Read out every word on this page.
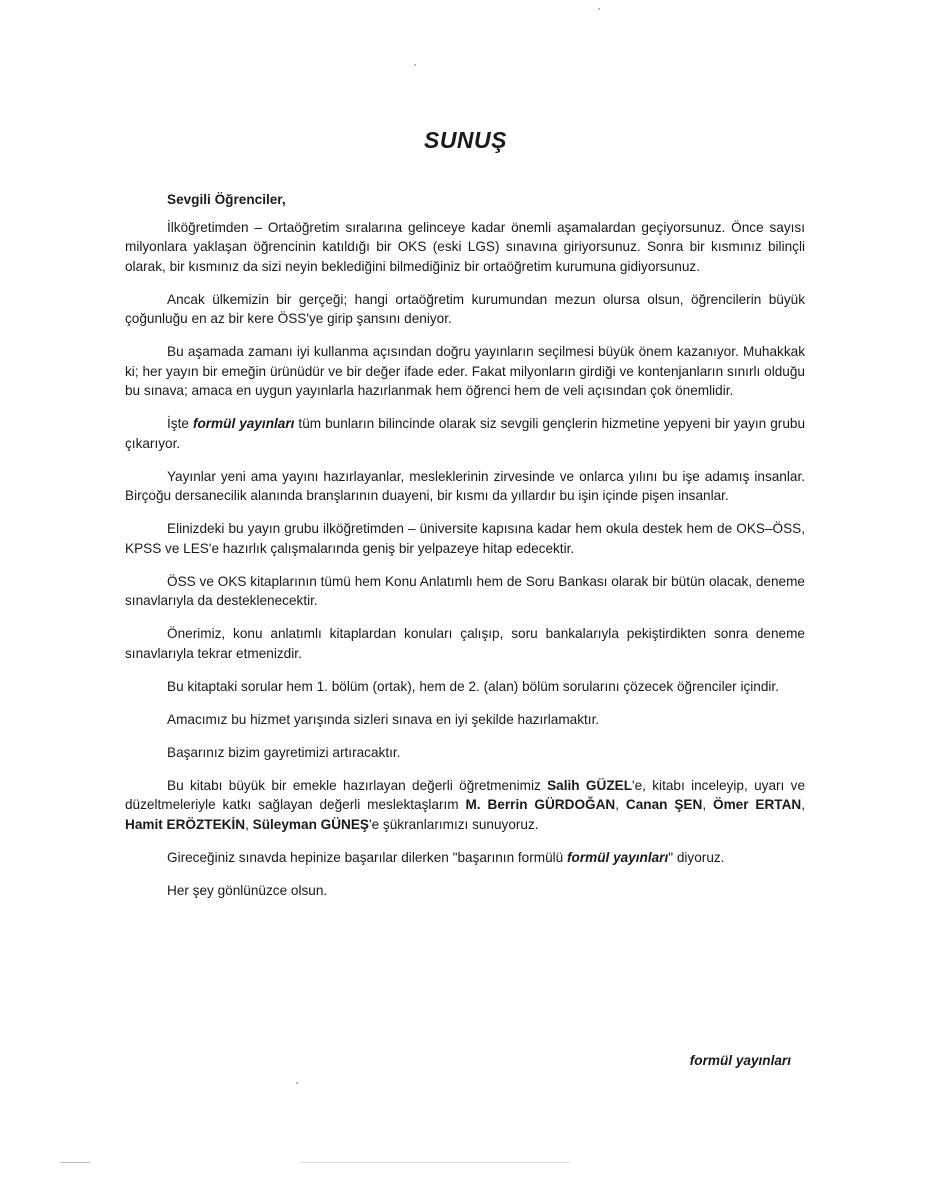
SUNUŞ

Sevgili Öğrenciler,

İlköğretimden – Ortaöğretim sıralarına gelinceye kadar önemli aşamalardan geçiyorsunuz. Önce sayısı milyonlara yaklaşan öğrencinin katıldığı bir OKS (eski LGS) sınavına giriyorsunuz. Sonra bir kısmınız bilinçli olarak, bir kısmınız da sizi neyin beklediğini bilmediğiniz bir ortaöğretim kurumuna gidiyorsunuz.

Ancak ülkemizin bir gerçeği; hangi ortaöğretim kurumundan mezun olursa olsun, öğrencilerin büyük çoğunluğu en az bir kere ÖSS'ye girip şansını deniyor.

Bu aşamada zamanı iyi kullanma açısından doğru yayınların seçilmesi büyük önem kazanıyor. Muhakkak ki; her yayın bir emeğin ürünüdür ve bir değer ifade eder. Fakat milyonların girdiği ve kontenjanların sınırlı olduğu bu sınava; amaca en uygun yayınlarla hazırlanmak hem öğrenci hem de veli açısından çok önemlidir.

İşte formül yayınları tüm bunların bilincinde olarak siz sevgili gençlerin hizmetine yepyeni bir yayın grubu çıkarıyor.

Yayınlar yeni ama yayını hazırlayanlar, mesleklerinin zirvesinde ve onlarca yılını bu işe adamış insanlar. Birçoğu dersanecilik alanında branşlarının duayeni, bir kısmı da yıllardır bu işin içinde pişen insanlar.

Elinizdeki bu yayın grubu ilköğretimden – üniversite kapısına kadar hem okula destek hem de OKS–ÖSS, KPSS ve LES'e hazırlık çalışmalarında geniş bir yelpazeye hitap edecektir.

ÖSS ve OKS kitaplarının tümü hem Konu Anlatımlı hem de Soru Bankası olarak bir bütün olacak, deneme sınavlarıyla da desteklenecektir.

Önerimiz, konu anlatımlı kitaplardan konuları çalışıp, soru bankalarıyla pekiştirdikten sonra deneme sınavlarıyla tekrar etmenizdir.

Bu kitaptaki sorular hem 1. bölüm (ortak), hem de 2. (alan) bölüm sorularını çözecek öğrenciler içindir.

Amacımız bu hizmet yarışında sizleri sınava en iyi şekilde hazırlamaktır.

Başarınız bizim gayretimizi artıracaktır.

Bu kitabı büyük bir emekle hazırlayan değerli öğretmenimiz Salih GÜZEL'e, kitabı inceleyip, uyarı ve düzeltmeleriyle katkı sağlayan değerli meslektaşlarım M. Berrin GÜRDOĞAN, Canan ŞEN, Ömer ERTAN, Hamit ERÖZTEKİN, Süleyman GÜNEŞ'e şükranlarımızı sunuyoruz.

Gireceğiniz sınavda hepinize başarılar dilerken "başarının formülü formül yayınları" diyoruz.

Her şey gönlünüzce olsun.

formül yayınları
